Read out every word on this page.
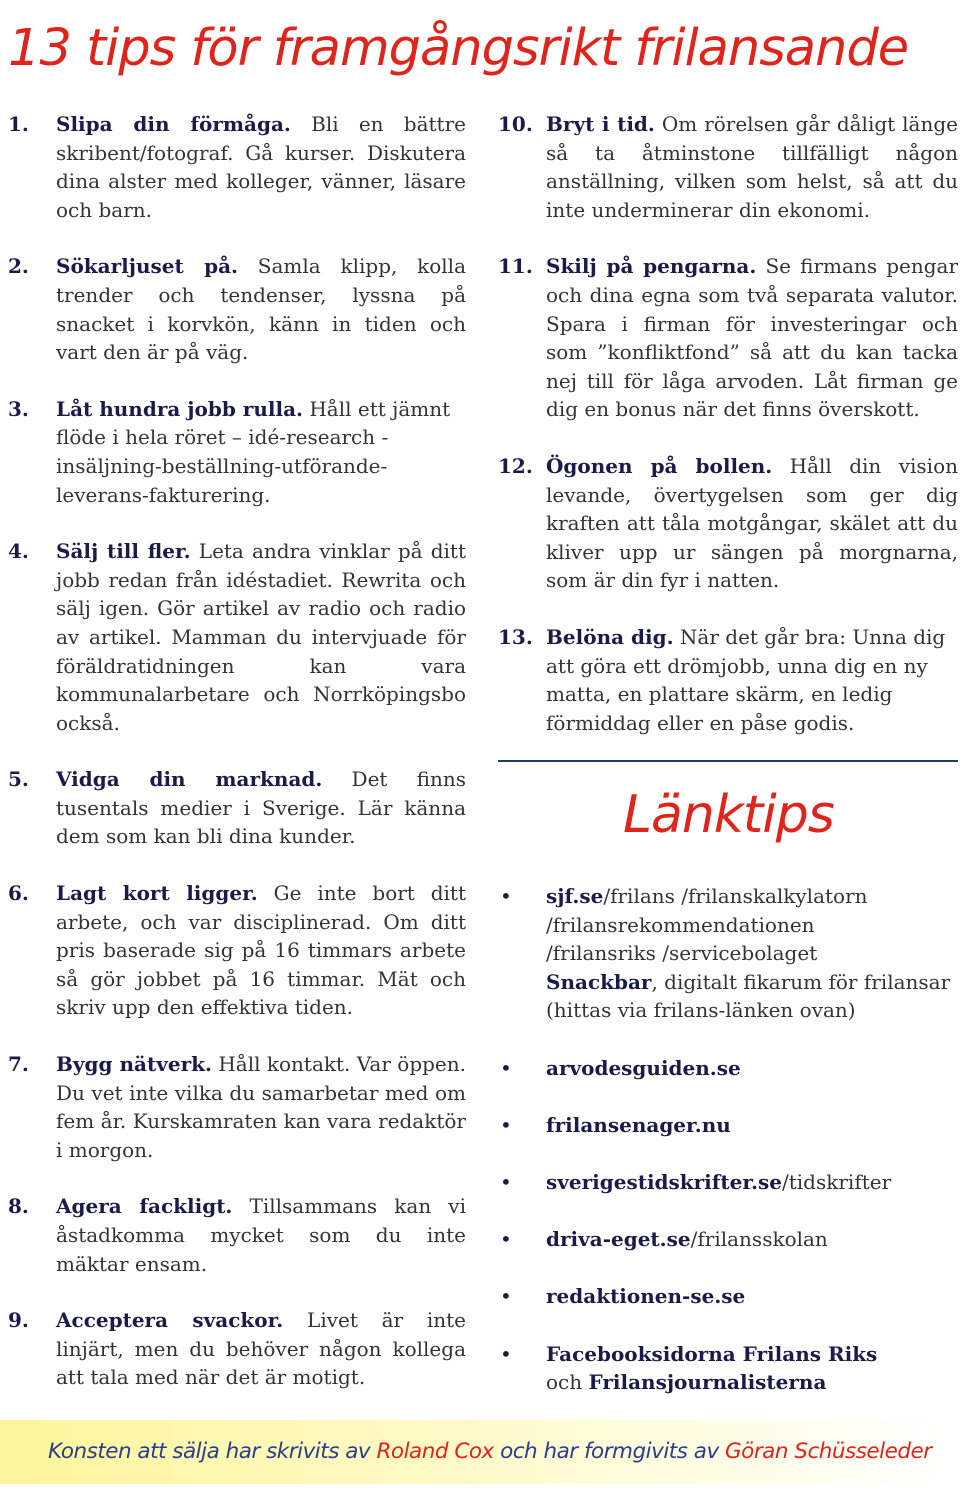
13 tips för framgångsrikt frilansande
1. Slipa din förmåga. Bli en bättre skribent/fotograf. Gå kurser. Diskutera dina alster med kolleger, vänner, läsare och barn.
2. Sökarljuset på. Samla klipp, kolla trender och tendenser, lyssna på snacket i korvkön, känn in tiden och vart den är på väg.
3. Låt hundra jobb rulla. Håll ett jämnt flöde i hela röret – idé-research -insäljning-beställning-utförande-leverans-fakturering.
4. Sälj till fler. Leta andra vinklar på ditt jobb redan från idéstadiet. Rewrita och sälj igen. Gör artikel av radio och radio av artikel. Mamman du intervjuade för föräldratidningen kan vara kommunalarbetare och Norrköpingsbo också.
5. Vidga din marknad. Det finns tusentals medier i Sverige. Lär känna dem som kan bli dina kunder.
6. Lagt kort ligger. Ge inte bort ditt arbete, och var disciplinerad. Om ditt pris baserade sig på 16 timmars arbete så gör jobbet på 16 timmar. Mät och skriv upp den effektiva tiden.
7. Bygg nätverk. Håll kontakt. Var öppen. Du vet inte vilka du samarbetar med om fem år. Kurskamraten kan vara redaktör i morgon.
8. Agera fackligt. Tillsammans kan vi åstadkomma mycket som du inte mäktar ensam.
9. Acceptera svackor. Livet är inte linjärt, men du behöver någon kollega att tala med när det är motigt.
10. Bryt i tid. Om rörelsen går dåligt länge så ta åtminstone tillfälligt någon anställning, vilken som helst, så att du inte underminerar din ekonomi.
11. Skilj på pengarna. Se firmans pengar och dina egna som två separata valutor. Spara i firman för investeringar och som ”konfliktfond” så att du kan tacka nej till för låga arvoden. Låt firman ge dig en bonus när det finns överskott.
12. Ögonen på bollen. Håll din vision levande, övertygelsen som ger dig kraften att tåla motgångar, skälet att du kliver upp ur sängen på morgnarna, som är din fyr i natten.
13. Belöna dig. När det går bra: Unna dig att göra ett drömjobb, unna dig en ny matta, en plattare skärm, en ledig förmiddag eller en påse godis.
Länktips
• sjf.se/frilans /frilanskalkylatorn
/frilansrekommendationen
/frilansriks /servicebolaget
Snackbar, digitalt fikarum för frilansar (hittas via frilans-länken ovan)
• arvodesguiden.se
• frilansenager.nu
• sverigestidskrifter.se/tidskrifter
• driva-eget.se/frilansskolan
• redaktionen-se.se
• Facebooksidorna Frilans Riks
och Frilansjournalisterna
Konsten att sälja har skrivits av Roland Cox och har formgivits av Göran Schüsseleder
